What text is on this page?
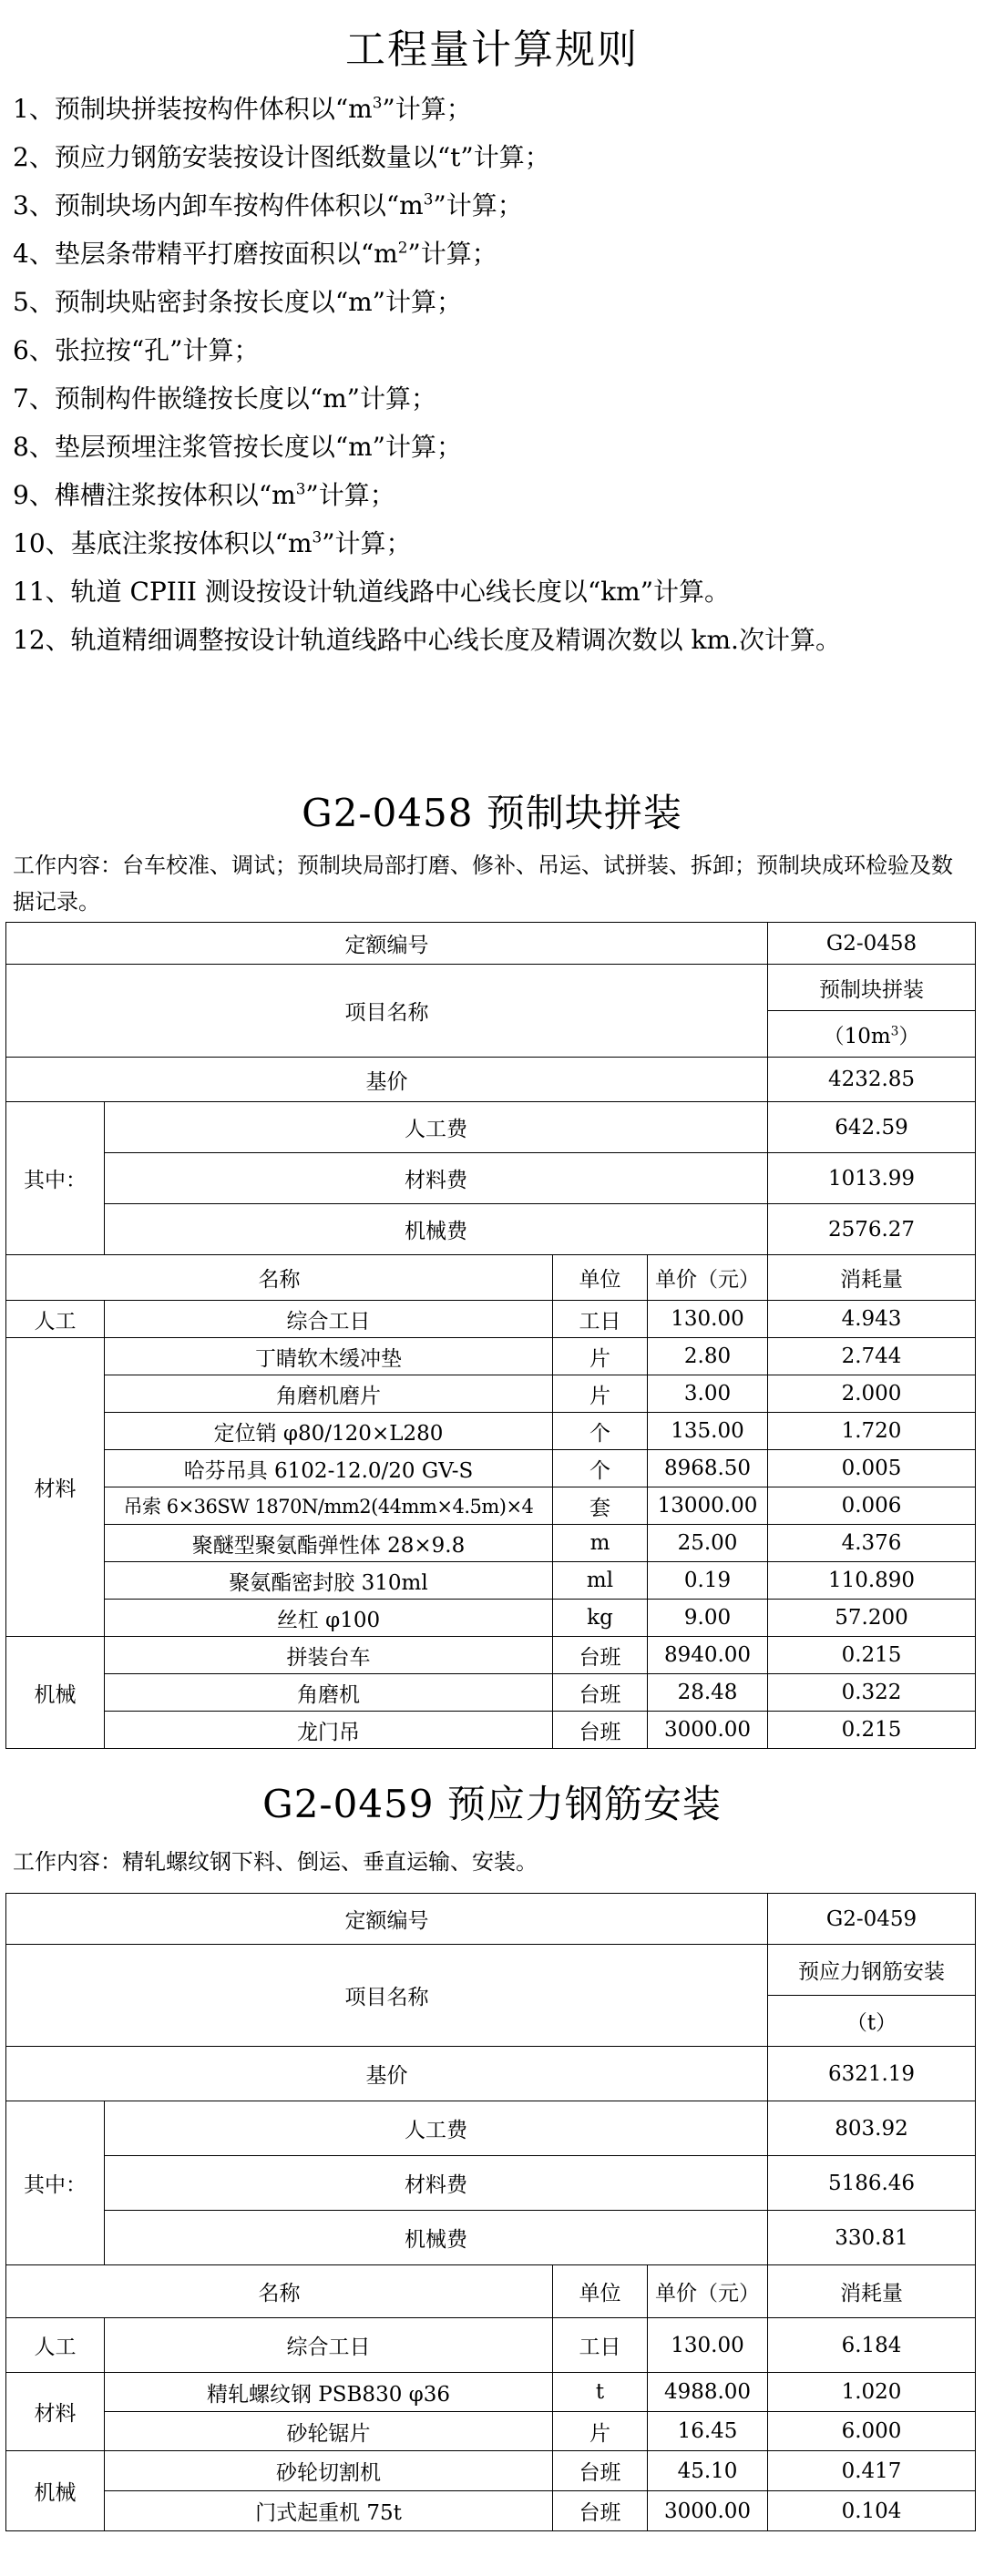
工程量计算规则
1、预制块拼装按构件体积以“$m^3$”计算；
2、预应力钢筋安装按设计图纸数量以“t”计算；
3、预制块场内卸车按构件体积以“$m^3$”计算；
4、垫层条带精平打磨按面积以“$m^2$”计算；
5、预制块贴密封条按长度以“m”计算；
6、张拉按“孔”计算；
7、预制构件嵌缝按长度以“m”计算；
8、垫层预埋注浆管按长度以“m”计算；
9、榫槽注浆按体积以“$m^3$”计算；
10、基底注浆按体积以“$m^3$”计算；
11、轨道 CPIII 测设按设计轨道线路中心线长度以“km”计算。
12、轨道精细调整按设计轨道线路中心线长度及精调次数以 km.次计算。
G2-0458 预制块拼装
工作内容：台车校准、调试；预制块局部打磨、修补、吊运、试拼装、拆卸；预制块成环检验及数据记录。
定额编号				G2-0458
项目名称				预制块拼装
				$(10m^3)$
基价				4232.85
其中：	人工费			642.59
	材料费			1013.99
	机械费			2576.27
名称		单位	单价（元）	消耗量
人工	综合工日	工日	130.00	4.943
材料	丁睛软木缓冲垫	片	2.80	2.744
	角磨机磨片	片	3.00	2.000
	定位销 φ80/120×L280	个	135.00	1.720
	哈芬吊具 6102-12.0/20 GV-S	个	8968.50	0.005
	吊索 6×36SW 1870N/mm2(44mm×4.5m)×4	套	13000.00	0.006
	聚醚型聚氨酯弹性体 28×9.8	m	25.00	4.376
	聚氨酯密封胶 310ml	ml	0.19	110.890
	丝杠 φ100	kg	9.00	57.200
机械	拼装台车	台班	8940.00	0.215
	角磨机	台班	28.48	0.322
	龙门吊	台班	3000.00	0.215
G2-0459 预应力钢筋安装
工作内容：精轧螺纹钢下料、倒运、垂直运输、安装。
定额编号				G2-0459
项目名称				预应力钢筋安装
				（t）
基价				6321.19
其中：	人工费			803.92
	材料费			5186.46
	机械费			330.81
名称		单位	单价（元）	消耗量
人工	综合工日	工日	130.00	6.184
材料	精轧螺纹钢 PSB830 φ36	t	4988.00	1.020
	砂轮锯片	片	16.45	6.000
机械	砂轮切割机	台班	45.10	0.417
	门式起重机 75t	台班	3000.00	0.104
